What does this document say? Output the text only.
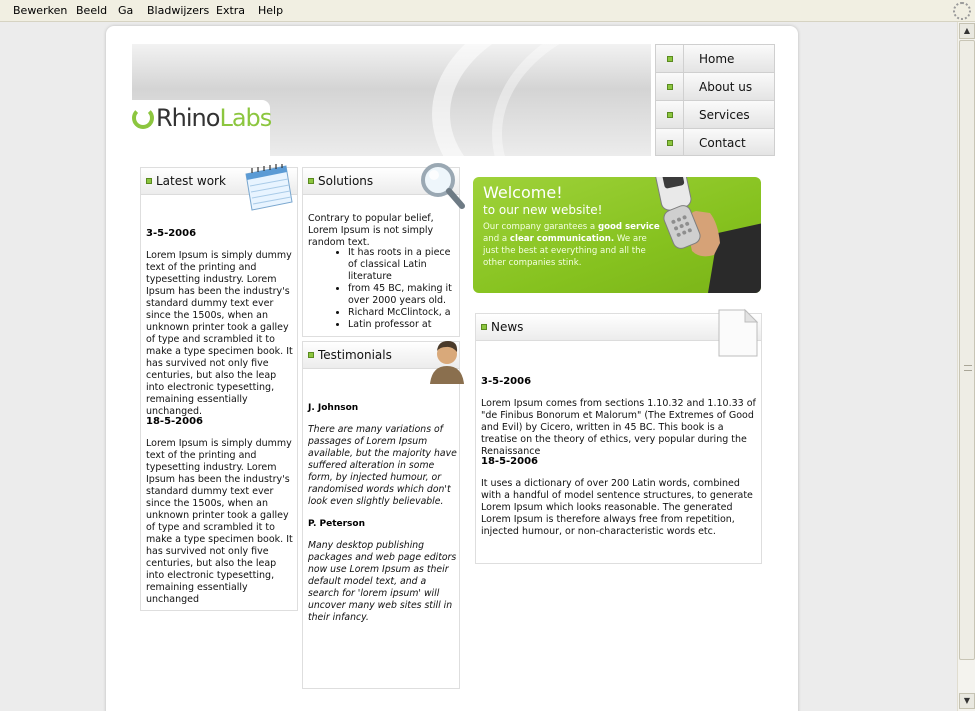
Bewerken Beeld Ga Bladwijzers Extra Help
▲
▼
RhinoLabs
Home
About us
Services
Contact
Latest work
3-5-2006
Lorem Ipsum is simply dummy text of the printing and typesetting industry. Lorem Ipsum has been the industry's standard dummy text ever since the 1500s, when an unknown printer took a galley of type and scrambled it to make a type specimen book. It has survived not only five centuries, but also the leap into electronic typesetting, remaining essentially unchanged.
18-5-2006
Lorem Ipsum is simply dummy text of the printing and typesetting industry. Lorem Ipsum has been the industry's standard dummy text ever since the 1500s, when an unknown printer took a galley of type and scrambled it to make a type specimen book. It has survived not only five centuries, but also the leap into electronic typesetting, remaining essentially unchanged
Solutions
Contrary to popular belief, Lorem Ipsum is not simply random text.
• It has roots in a piece of classical Latin literature
• from 45 BC, making it over 2000 years old.
• Richard McClintock, a
• Latin professor at
Testimonials
J. Johnson
There are many variations of passages of Lorem Ipsum available, but the majority have suffered alteration in some form, by injected humour, or randomised words which don't look even slightly believable.
P. Peterson
Many desktop publishing packages and web page editors now use Lorem Ipsum as their default model text, and a search for 'lorem ipsum' will uncover many web sites still in their infancy.
Welcome!
to our new website!
Our company garantees a good service and a clear communication. We are just the best at everything and all the other companies stink.
News
3-5-2006
Lorem Ipsum comes from sections 1.10.32 and 1.10.33 of "de Finibus Bonorum et Malorum" (The Extremes of Good and Evil) by Cicero, written in 45 BC. This book is a treatise on the theory of ethics, very popular during the Renaissance
18-5-2006
It uses a dictionary of over 200 Latin words, combined with a handful of model sentence structures, to generate Lorem Ipsum which looks reasonable. The generated Lorem Ipsum is therefore always free from repetition, injected humour, or non-characteristic words etc.
